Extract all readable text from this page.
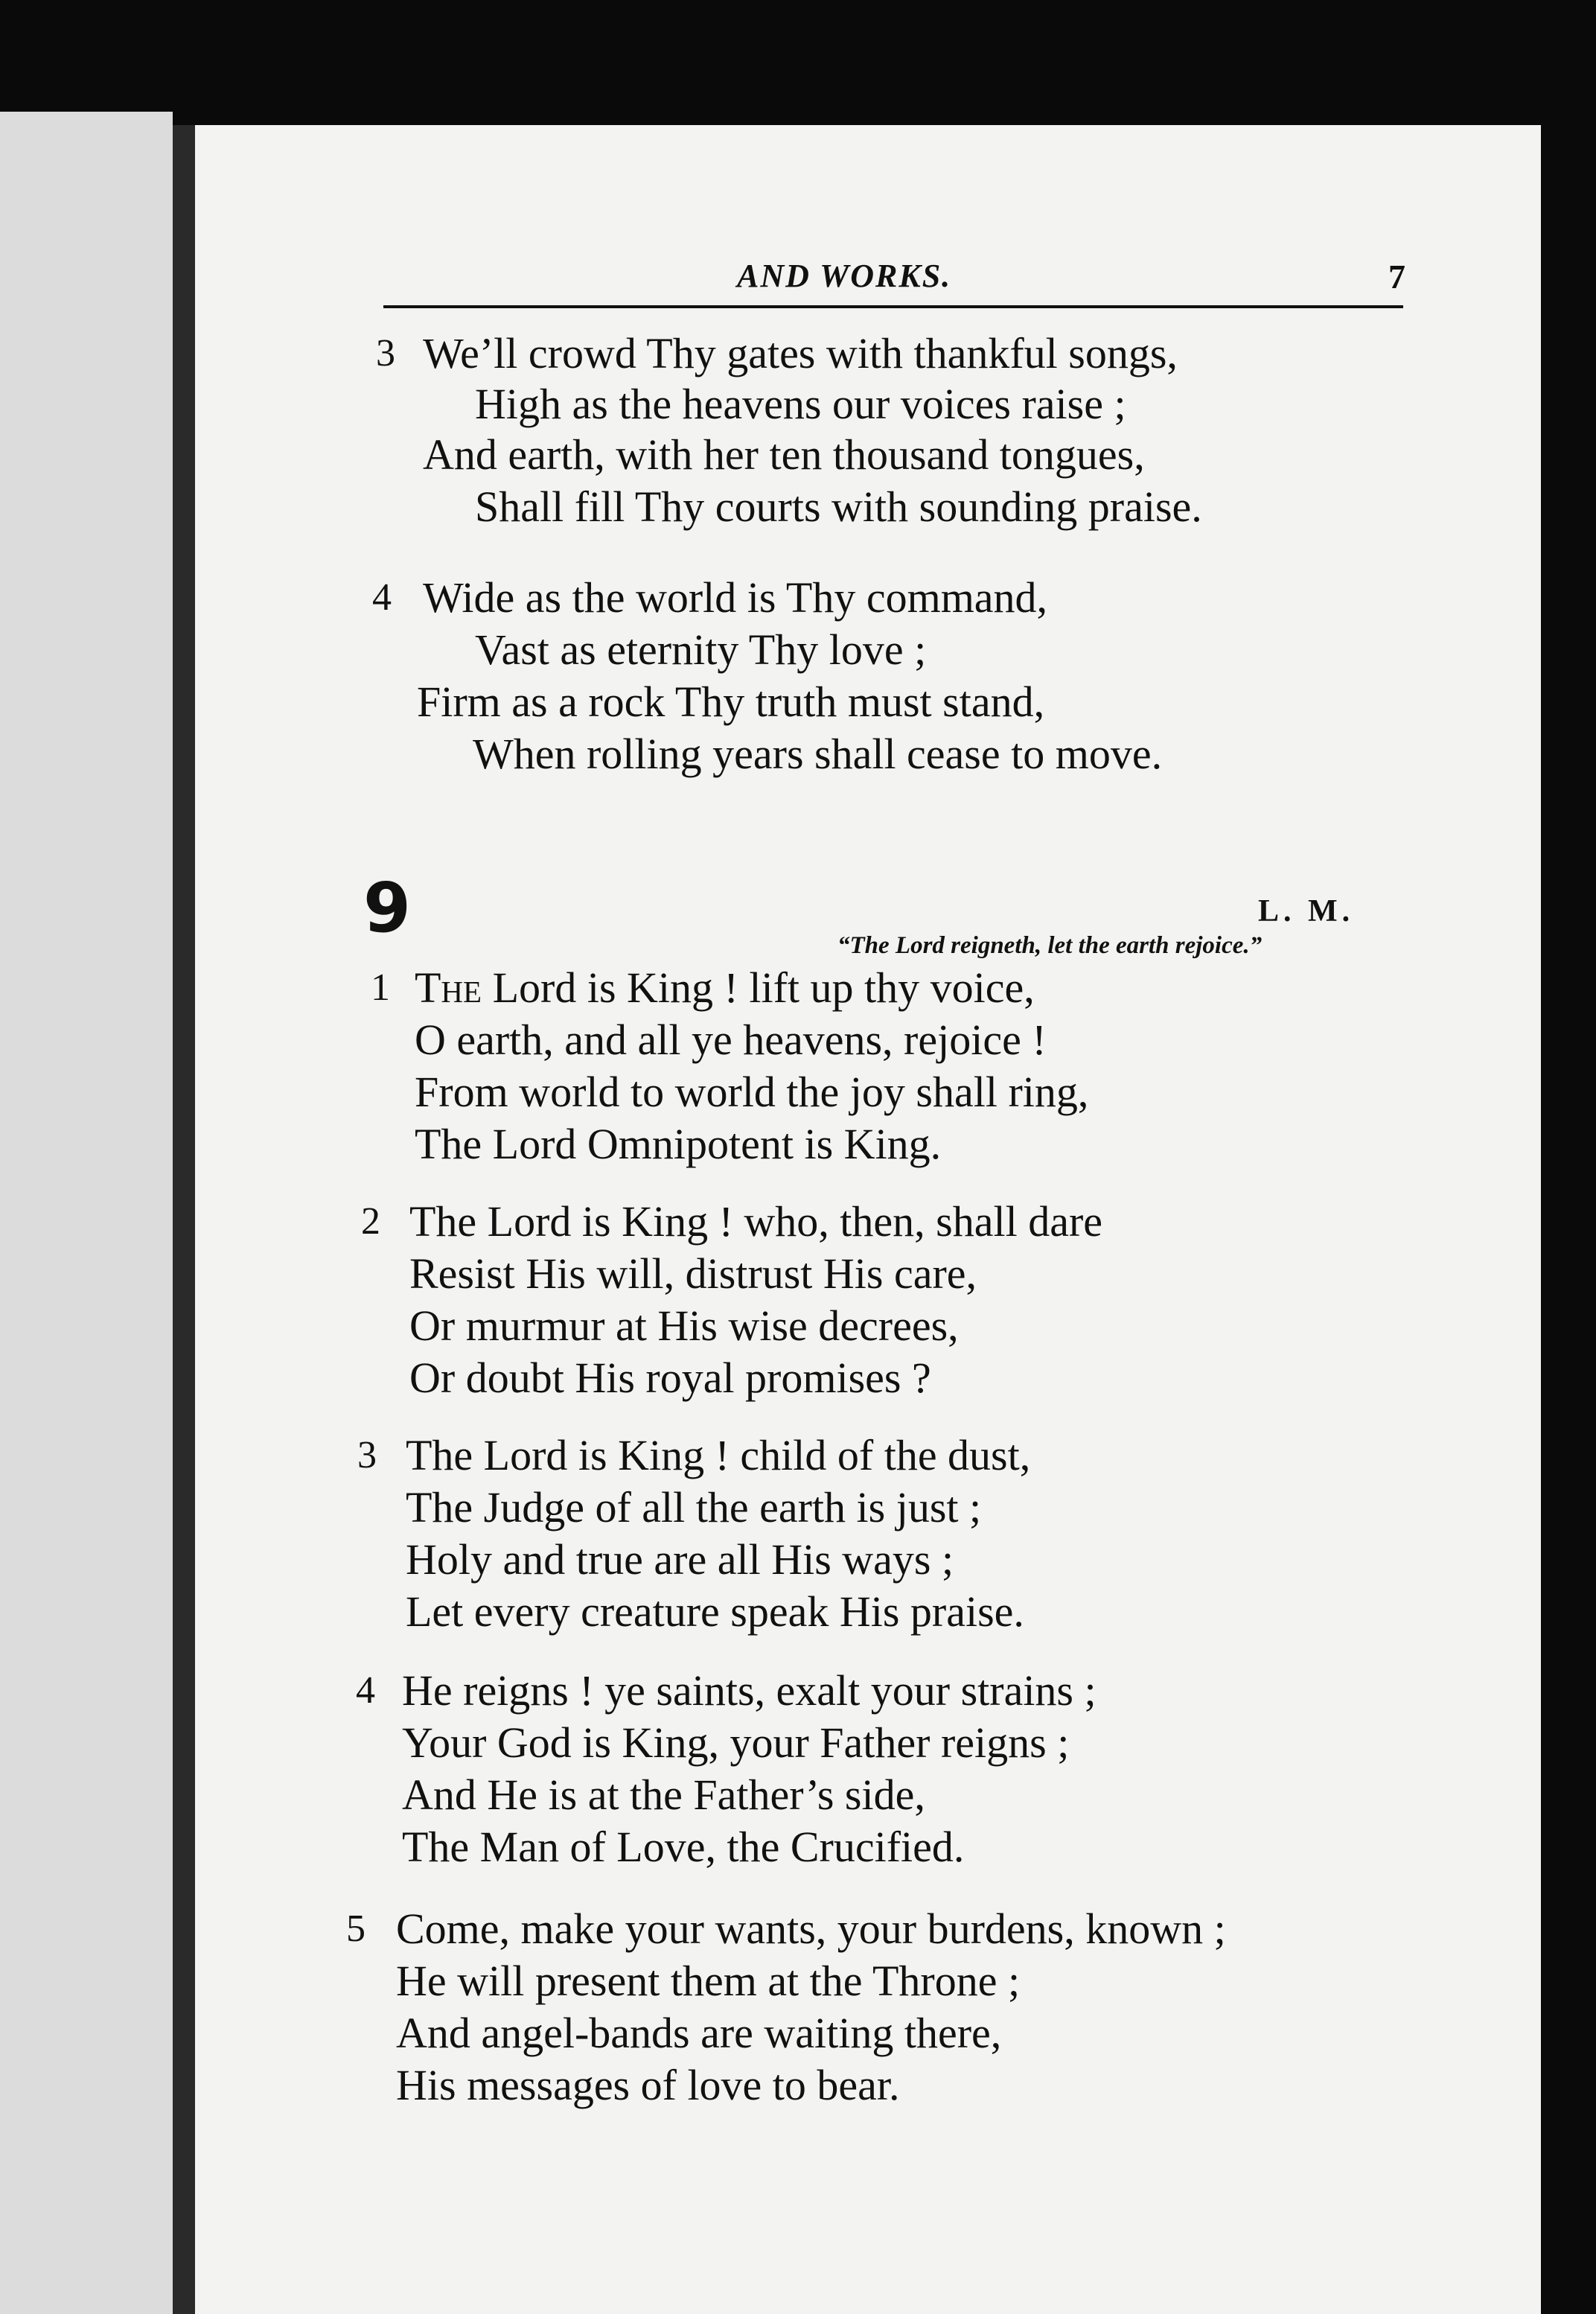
AND WORKS.	7
3 We’ll crowd Thy gates with thankful songs,
High as the heavens our voices raise ;
And earth, with her ten thousand tongues,
Shall fill Thy courts with sounding praise.
4 Wide as the world is Thy command,
Vast as eternity Thy love ;
Firm as a rock Thy truth must stand,
When rolling years shall cease to move.
9	L. M.
“The Lord reigneth, let the earth rejoice.”
1 The Lord is King ! lift up thy voice,
O earth, and all ye heavens, rejoice !
From world to world the joy shall ring,
The Lord Omnipotent is King.
2 The Lord is King ! who, then, shall dare
Resist His will, distrust His care,
Or murmur at His wise decrees,
Or doubt His royal promises ?
3 The Lord is King ! child of the dust,
The Judge of all the earth is just ;
Holy and true are all His ways ;
Let every creature speak His praise.
4 He reigns ! ye saints, exalt your strains ;
Your God is King, your Father reigns ;
And He is at the Father’s side,
The Man of Love, the Crucified.
5 Come, make your wants, your burdens, known ;
He will present them at the Throne ;
And angel-bands are waiting there,
His messages of love to bear.
